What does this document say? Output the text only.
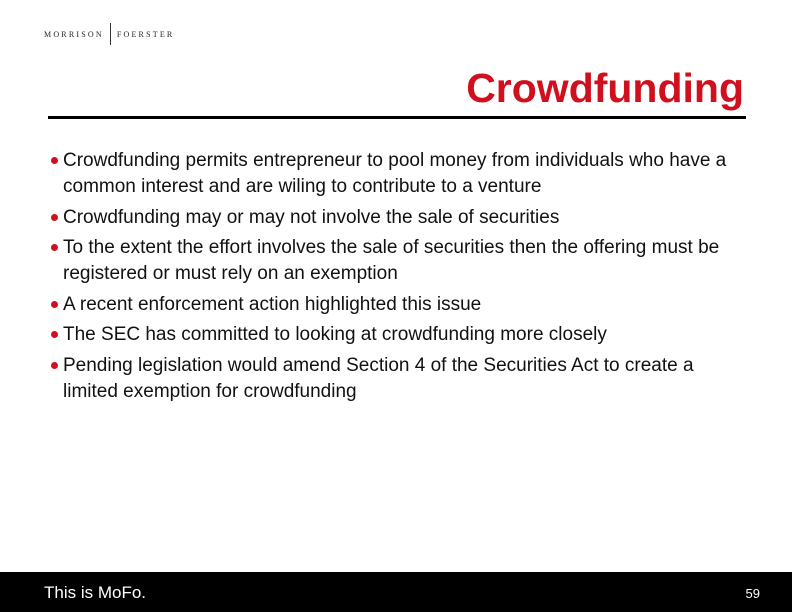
MORRISON FOERSTER
Crowdfunding
Crowdfunding permits entrepreneur to pool money from individuals who have a common interest and are wiling to contribute to a venture
Crowdfunding may or may not involve the sale of securities
To the extent the effort involves the sale of securities then the offering must be registered or must rely on an exemption
A recent enforcement action highlighted this issue
The SEC has committed to looking at crowdfunding more closely
Pending legislation would amend Section 4 of the Securities Act to create a limited exemption for crowdfunding
This is MoFo.	59
